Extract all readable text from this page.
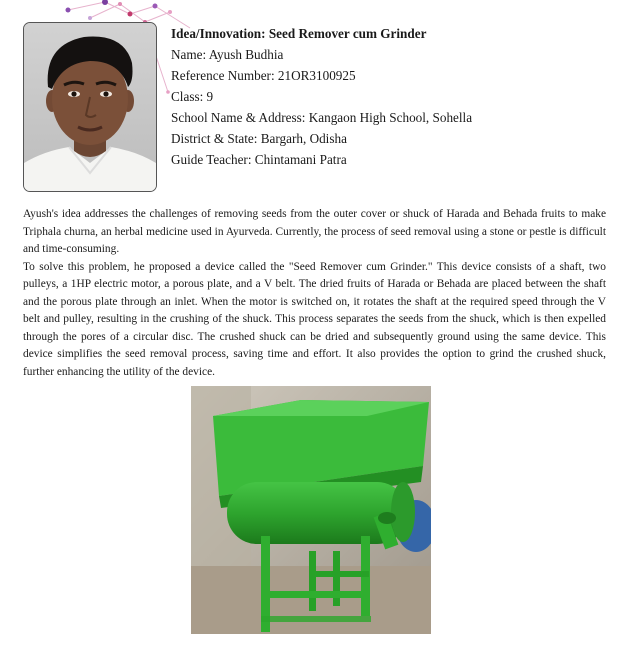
Idea/Innovation: Seed Remover cum Grinder
Name: Ayush Budhia
Reference Number: 21OR3100925
Class: 9
School Name & Address: Kangaon High School, Sohella
District & State: Bargarh, Odisha
Guide Teacher: Chintamani Patra

Ayush's idea addresses the challenges of removing seeds from the outer cover or shuck of Harada and Behada fruits to make Triphala churna, an herbal medicine used in Ayurveda. Currently, the process of seed removal using a stone or pestle is difficult and time-consuming.

To solve this problem, he proposed a device called the "Seed Remover cum Grinder." This device consists of a shaft, two pulleys, a 1HP electric motor, a porous plate, and a V belt. The dried fruits of Harada or Behada are placed between the shaft and the porous plate through an inlet. When the motor is switched on, it rotates the shaft at the required speed through the V belt and pulley, resulting in the crushing of the shuck. This process separates the seeds from the shuck, which is then expelled through the pores of a circular disc. The crushed shuck can be dried and subsequently ground using the same device. This device simplifies the seed removal process, saving time and effort. It also provides the option to grind the crushed shuck, further enhancing the utility of the device.
